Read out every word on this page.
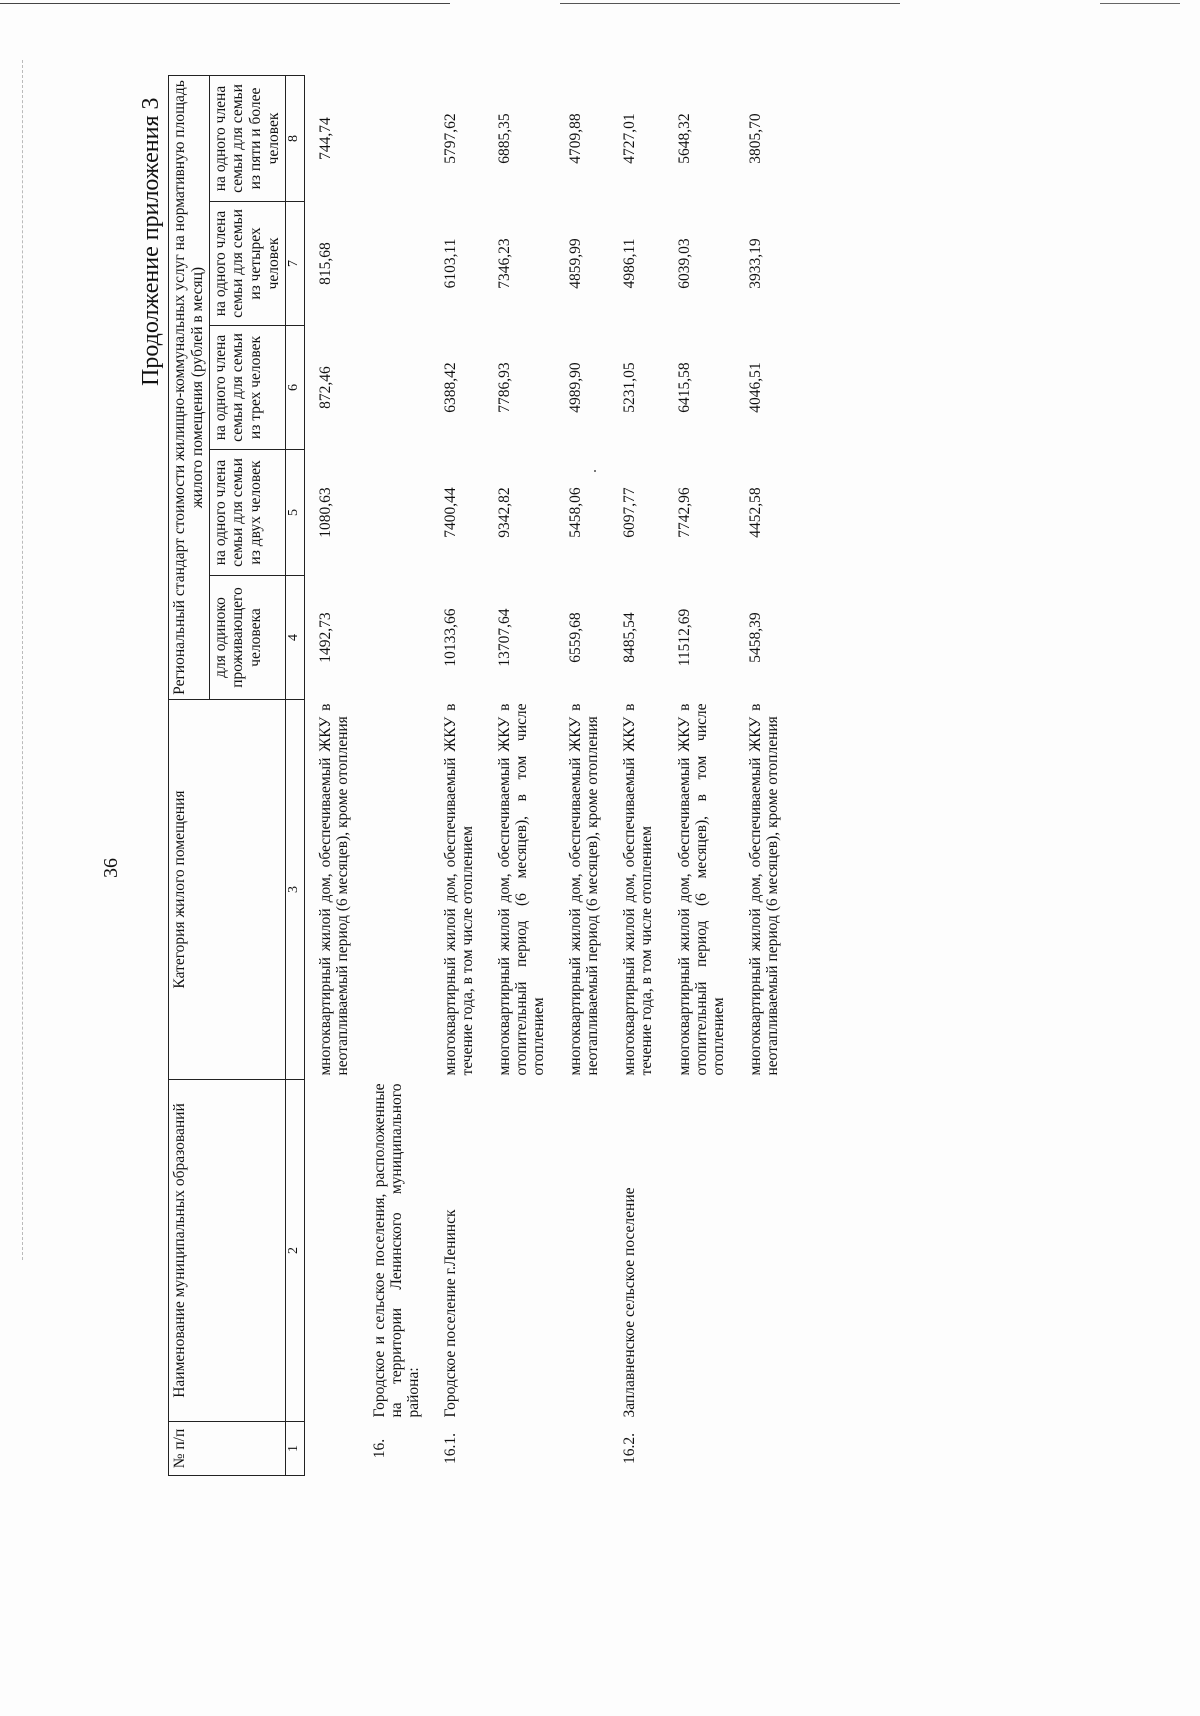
36
Продолжение приложения 3
№ п/п	Наименование муниципальных образований	Категория жилого помещения	Региональный стандарт стоимости жилищно-коммунальных услуг на нормативную площадь жилого помещения (рублей в месяц)				
			для одиноко проживающего человека	на одного члена семьи для семьи из двух человек	на одного члена семьи для семьи из трех человек	на одного члена семьи для семьи из четырех человек	на одного члена семьи для семьи из пяти и более человек
1	2	3	4	5	6	7	8
		многоквартирный жилой дом, обеспечиваемый ЖКУ в неотапливаемый период (6 месяцев), кроме отопления	1492,73	1080,63	872,46	815,68	744,74
16.	Городское и сельское поселения, расположенные на территории Ленинского муниципального района:						
16.1.	Городское поселение г.Ленинск	многоквартирный жилой дом, обеспечиваемый ЖКУ в течение года, в том числе отоплением	10133,66	7400,44	6388,42	6103,11	5797,62
		многоквартирный жилой дом, обеспечиваемый ЖКУ в отопительный период (6 месяцев), в том числе отоплением	13707,64	9342,82	7786,93	7346,23	6885,35
		многоквартирный жилой дом, обеспечиваемый ЖКУ в неотапливаемый период (6 месяцев), кроме отопления	6559,68	5458,06	4989,90	4859,99	4709,88
16.2.	Заплавненское сельское поселение	многоквартирный жилой дом, обеспечиваемый ЖКУ в течение года, в том числе отоплением	8485,54	6097,77	5231,05	4986,11	4727,01
		многоквартирный жилой дом, обеспечиваемый ЖКУ в отопительный период (6 месяцев), в том числе отоплением	11512,69	7742,96	6415,58	6039,03	5648,32
		многоквартирный жилой дом, обеспечиваемый ЖКУ в неотапливаемый период (6 месяцев), кроме отопления	5458,39	4452,58	4046,51	3933,19	3805,70
